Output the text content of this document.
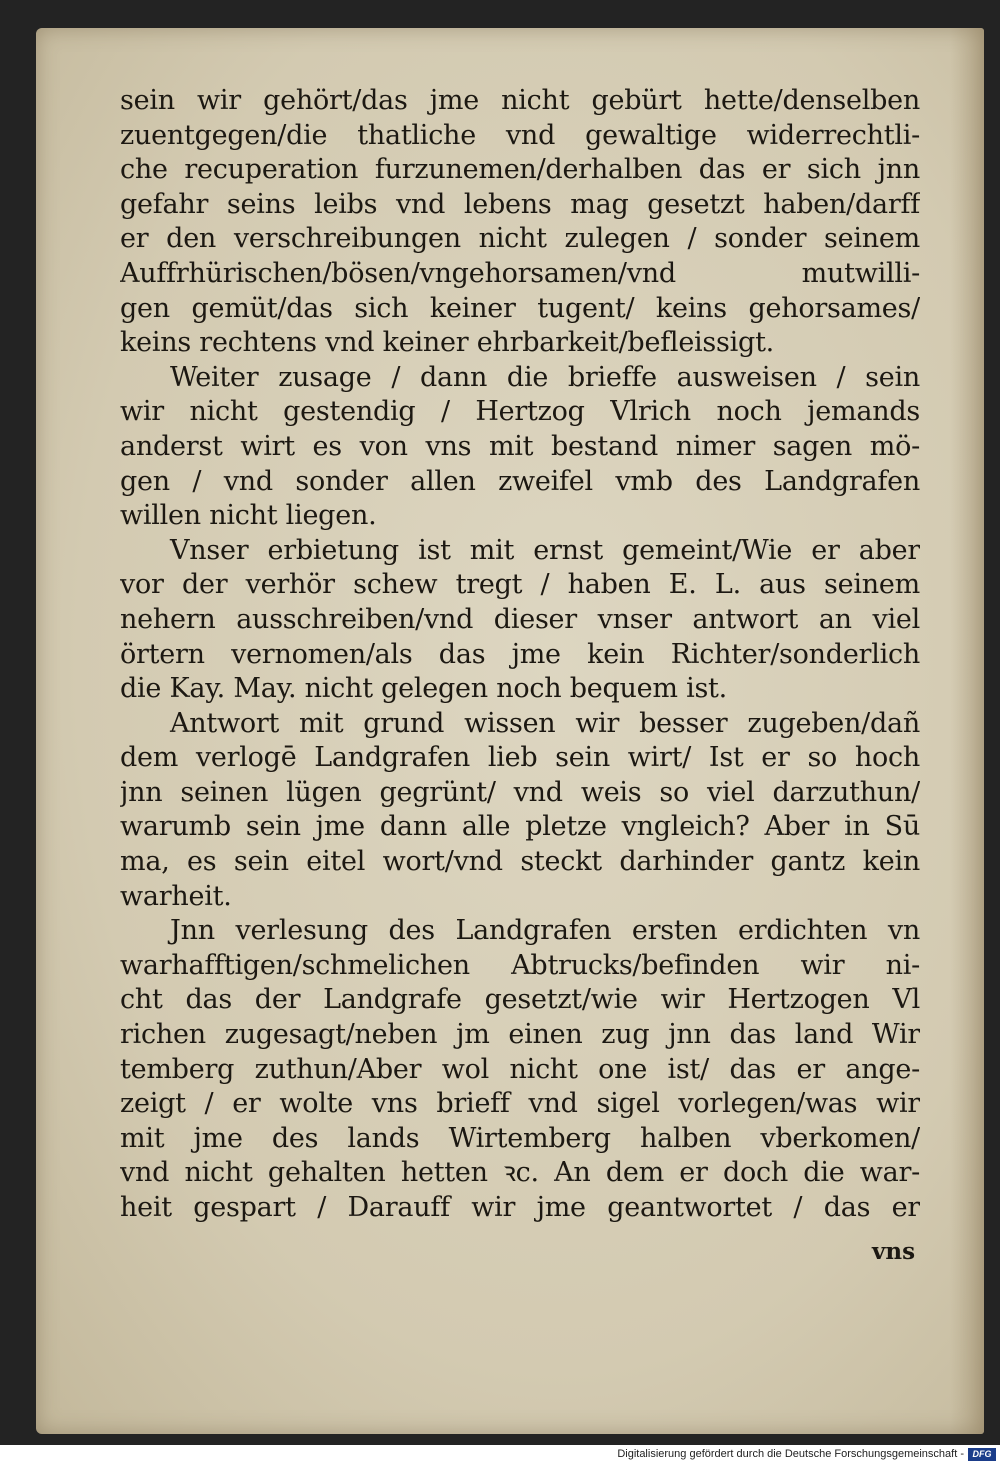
sein wir gehört/das jme nicht gebürt hette/denselben
zuentgegen/die thatliche vnd gewaltige widerrechtli-
che recuperation furzunemen/derhalben das er sich jnn
gefahr seins leibs vnd lebens mag gesetzt haben/darff
er den verschreibungen nicht zulegen / sonder seinem
Auffrhürischen/bösen/vngehorsamen/vnd mutwilli-
gen gemüt/das sich keiner tugent/ keins gehorsames/
keins rechtens vnd keiner ehrbarkeit/befleissigt.
Weiter zusage / dann die brieffe ausweisen / sein
wir nicht gestendig / Hertzog Vlrich noch jemands
anderst wirt es von vns mit bestand nimer sagen mö-
gen / vnd sonder allen zweifel vmb des Landgrafen
willen nicht liegen.
Vnser erbietung ist mit ernst gemeint/Wie er aber
vor der verhör schew tregt / haben E. L. aus seinem
nehern ausschreiben/vnd dieser vnser antwort an viel
örtern vernomen/als das jme kein Richter/sonderlich
die Kay. May. nicht gelegen noch bequem ist.
Antwort mit grund wissen wir besser zugeben/dañ
dem verlogē Landgrafen lieb sein wirt/ Ist er so hoch
jnn seinen lügen gegrünt/ vnd weis so viel darzuthun/
warumb sein jme dann alle pletze vngleich? Aber in Sū
ma, es sein eitel wort/vnd steckt darhinder gantz kein
warheit.
Jnn verlesung des Landgrafen ersten erdichten vn
warhafftigen/schmelichen Abtrucks/befinden wir ni-
cht das der Landgrafe gesetzt/wie wir Hertzogen Vl
richen zugesagt/neben jm einen zug jnn das land Wir
temberg zuthun/Aber wol nicht one ist/ das er ange-
zeigt / er wolte vns brieff vnd sigel vorlegen/was wir
mit jme des lands Wirtemberg halben vberkomen/
vnd nicht gehalten hetten ꝛc. An dem er doch die war-
heit gespart / Darauff wir jme geantwortet / das er
vns
Digitalisierung gefördert durch die Deutsche Forschungsgemeinschaft - DFG
